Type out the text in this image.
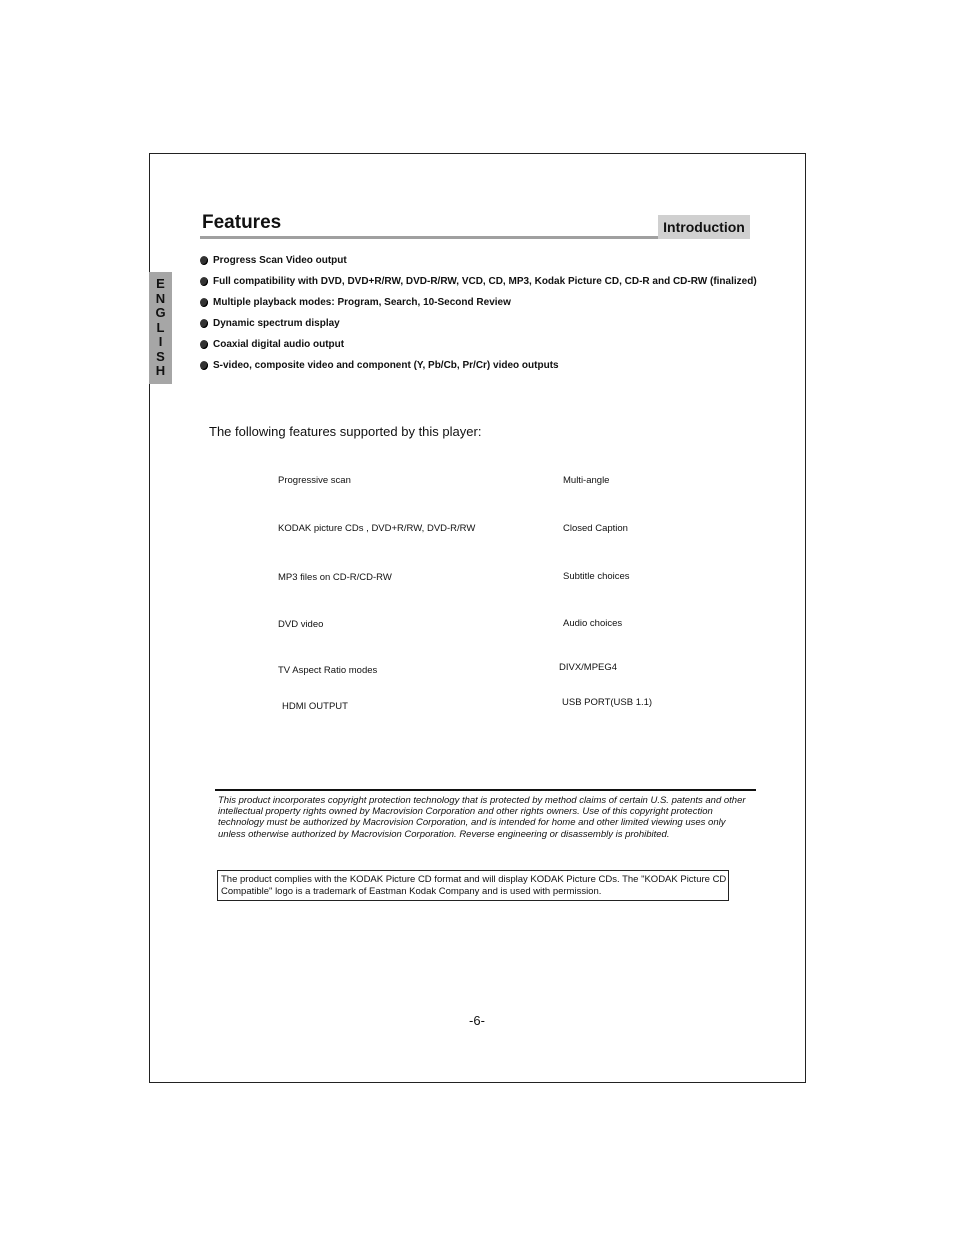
E
N
G
L
I
S
H
Features	Introduction
Progress Scan Video output
Full compatibility with DVD, DVD+R/RW, DVD-R/RW, VCD, CD, MP3, Kodak Picture CD, CD-R and CD-RW (finalized)
Multiple playback modes: Program, Search, 10-Second Review
Dynamic spectrum display
Coaxial digital audio output
S-video, composite video and component (Y, Pb/Cb, Pr/Cr) video outputs
The following features supported by this player:
Progressive scan
KODAK picture CDs , DVD+R/RW, DVD-R/RW
MP3 files on CD-R/CD-RW
DVD video
TV Aspect Ratio modes
HDMI OUTPUT
Multi-angle
Closed Caption
Subtitle choices
Audio choices
DIVX/MPEG4
USB PORT(USB 1.1)
This product incorporates copyright protection technology that is protected by method claims of certain U.S. patents and other intellectual property rights owned by Macrovision Corporation and other rights owners. Use of this copyright protection technology must be authorized by Macrovision Corporation, and is intended for home and other limited viewing uses only unless otherwise authorized by Macrovision Corporation. Reverse engineering or disassembly is prohibited.
The product complies with the KODAK Picture CD format and will display KODAK Picture CDs. The "KODAK Picture CD Compatible" logo is a trademark of Eastman Kodak Company and is used with permission.
-6-
